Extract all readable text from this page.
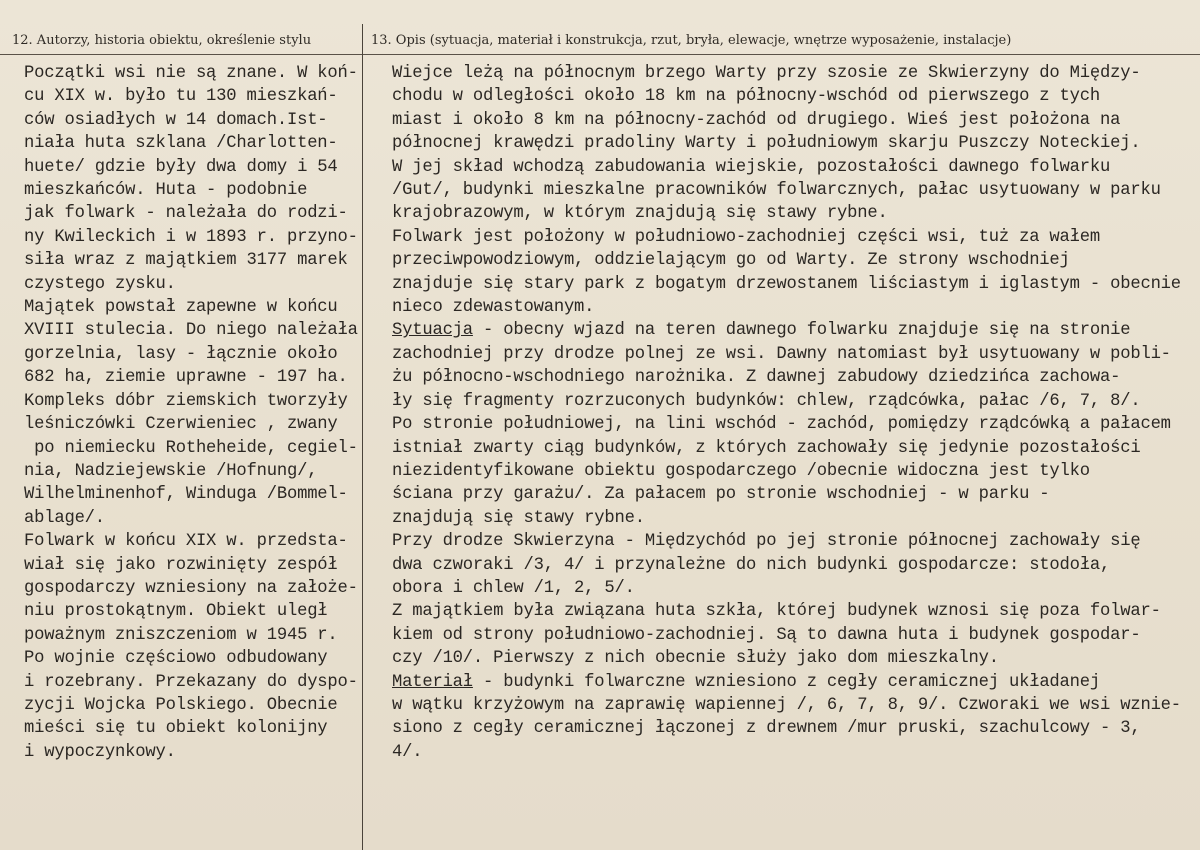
12. Autorzy, historia obiektu, określenie stylu	13. Opis (sytuacja, materiał i konstrukcja, rzut, bryła, elewacje, wnętrze wyposażenie, instalacje)
Początki wsi nie są znane. W koń-
cu XIX w. było tu 130 mieszkań-
ców osiadłych w 14 domach.Ist-
niała huta szklana /Charlotten-
huete/ gdzie były dwa domy i 54
mieszkańców. Huta - podobnie
jak folwark - należała do rodzi-
ny Kwileckich i w 1893 r. przyno-
siła wraz z majątkiem 3177 marek
czystego zysku.
Majątek powstał zapewne w końcu
XVIII stulecia. Do niego należała
gorzelnia, lasy - łącznie około
682 ha, ziemie uprawne - 197 ha.
Kompleks dóbr ziemskich tworzyły
leśniczówki Czerwieniec , zwany
po niemiecku Rotheheide, cegiel-
nia, Nadziejewskie /Hofnung/,
Wilhelminenhof, Winduga /Bommel-
ablage/.
Folwark w końcu XIX w. przedsta-
wiał się jako rozwinięty zespół
gospodarczy wzniesiony na założe-
niu prostokątnym. Obiekt uległ
poważnym zniszczeniom w 1945 r.
Po wojnie częściowo odbudowany
i rozebrany. Przekazany do dyspo-
zycji Wojcka Polskiego. Obecnie
mieści się tu obiekt kolonijny
i wypoczynkowy.
Wiejce leżą na północnym brzego Warty przy szosie ze Skwierzyny do Między-
chodu w odległości około 18 km na północny-wschód od pierwszego z tych
miast i około 8 km na północny-zachód od drugiego. Wieś jest położona na
północnej krawędzi pradoliny Warty i południowym skarju Puszczy Noteckiej.
W jej skład wchodzą zabudowania wiejskie, pozostałości dawnego folwarku
/Gut/, budynki mieszkalne pracowników folwarcznych, pałac usytuowany w parku
krajobrazowym, w którym znajdują się stawy rybne.
Folwark jest położony w południowo-zachodniej części wsi, tuż za wałem
przeciwpowodziowym, oddzielającym go od Warty. Ze strony wschodniej
znajduje się stary park z bogatym drzewostanem liściastym i iglastym - obecnie
nieco zdewastowanym.
Sytuacja - obecny wjazd na teren dawnego folwarku znajduje się na stronie
zachodniej przy drodze polnej ze wsi. Dawny natomiast był usytuowany w pobli-
żu północno-wschodniego narożnika. Z dawnej zabudowy dziedzińca zachowa-
ły się fragmenty rozrzuconych budynków: chlew, rządcówka, pałac /6, 7, 8/.
Po stronie południowej, na lini wschód - zachód, pomiędzy rządcówką a pałacem
istniał zwarty ciąg budynków, z których zachowały się jedynie pozostałości
niezidentyfikowane obiektu gospodarczego /obecnie widoczna jest tylko
ściana przy garażu/. Za pałacem po stronie wschodniej - w parku -
znajdują się stawy rybne.
Przy drodze Skwierzyna - Międzychód po jej stronie północnej zachowały się
dwa czworaki /3, 4/ i przynależne do nich budynki gospodarcze: stodoła,
obora i chlew /1, 2, 5/.
Z majątkiem była związana huta szkła, której budynek wznosi się poza folwar-
kiem od strony południowo-zachodniej. Są to dawna huta i budynek gospodar-
czy /10/. Pierwszy z nich obecnie służy jako dom mieszkalny.
Materiał - budynki folwarczne wzniesiono z cegły ceramicznej układanej
w wątku krzyżowym na zaprawię wapiennej /, 6, 7, 8, 9/. Czworaki we wsi wznie-
siono z cegły ceramicznej łączonej z drewnem /mur pruski, szachulcowy - 3,
4/.
